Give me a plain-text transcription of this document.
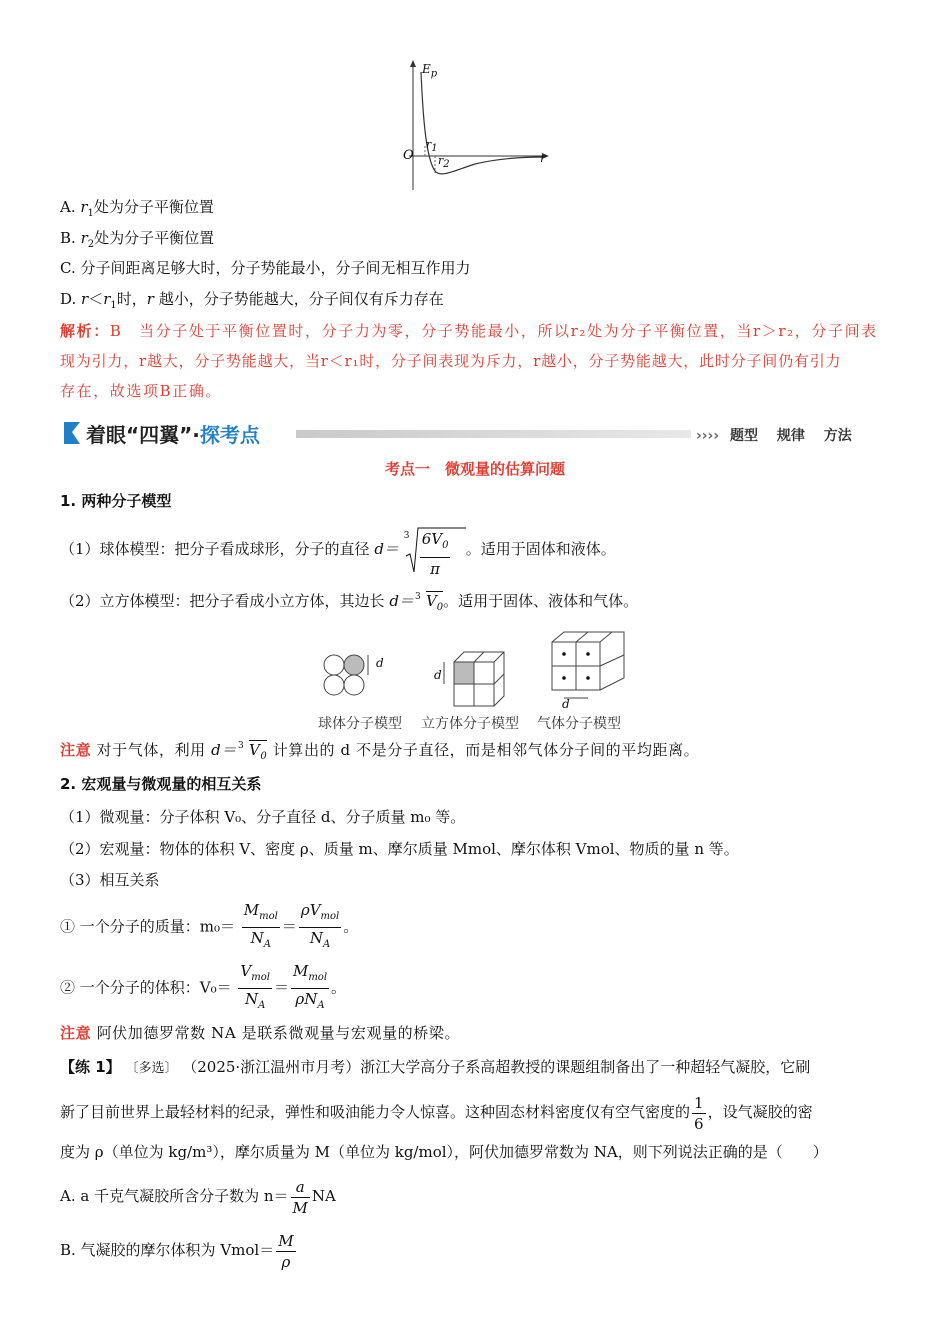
$E_p$
O
$r_1$
$r_2$	r
A. $r_1$处为分子平衡位置
B. $r_2$处为分子平衡位置
C. 分子间距离足够大时，分子势能最小，分子间无相互作用力
D. $r<r_1$时，r 越小，分子势能越大，分子间仅有斥力存在
解析：B　当分子处于平衡位置时，分子力为零，分子势能最小，所以r₂处为分子平衡位置，当r＞r₂，分子间表
现为引力，r越大，分子势能越大，当r＜r₁时，分子间表现为斥力，r越小，分子势能越大，此时分子间仍有引力
存在，故选项B正确。
着眼“四翼”·探考点	›››› 题型 规律 方法
考点一　微观量的估算问题
1. 两种分子模型
（1）球体模型：把分子看成球形，分子的直径 d＝
$3 \frac{6V_0}{\pi}$ 。适用于固体和液体。
（2）立方体模型：把分子看成小立方体，其边长 d＝ 3 $V_0$。适用于固体、液体和气体。
d
d
d
球体分子模型 立方体分子模型 气体分子模型
注意 对于气体，利用 d＝ 3 $V_0$ 计算出的 d 不是分子直径，而是相邻气体分子间的平均距离。
2. 宏观量与微观量的相互关系
（1）微观量：分子体积 V₀、分子直径 d、分子质量 m₀ 等。
（2）宏观量：物体的体积 V、密度 ρ、质量 m、摩尔质量 Mmol、摩尔体积 Vmol、物质的量 n 等。
（3）相互关系
① 一个分子的质量：$m_0= \frac{M_{mol}}{N_A} = \frac{\rho V_{mol}}{N_A}$ 。
② 一个分子的体积：$V_0= \frac{V_{mol}}{N_A} = \frac{M_{mol}}{\rho N_A}$ 。
注意 阿伏加德罗常数 NA 是联系微观量与宏观量的桥梁。
【练 1】 〔多选〕 （2025·浙江温州市月考）浙江大学高分子系高超教授的课题组制备出了一种超轻气凝胶，它刷
新了目前世界上最轻材料的纪录，弹性和吸油能力令人惊喜。这种固态材料密度仅有空气密度的 $\frac{1}{6}$ ，设气凝胶的密
度为 ρ（单位为 kg/m³），摩尔质量为 M（单位为 kg/mol），阿伏加德罗常数为 NA，则下列说法正确的是（　　）
A. a 千克气凝胶所含分子数为 $n= \frac{a}{M}$ NA
B. 气凝胶的摩尔体积为 Vmol＝ $\frac{M}{\rho}$
